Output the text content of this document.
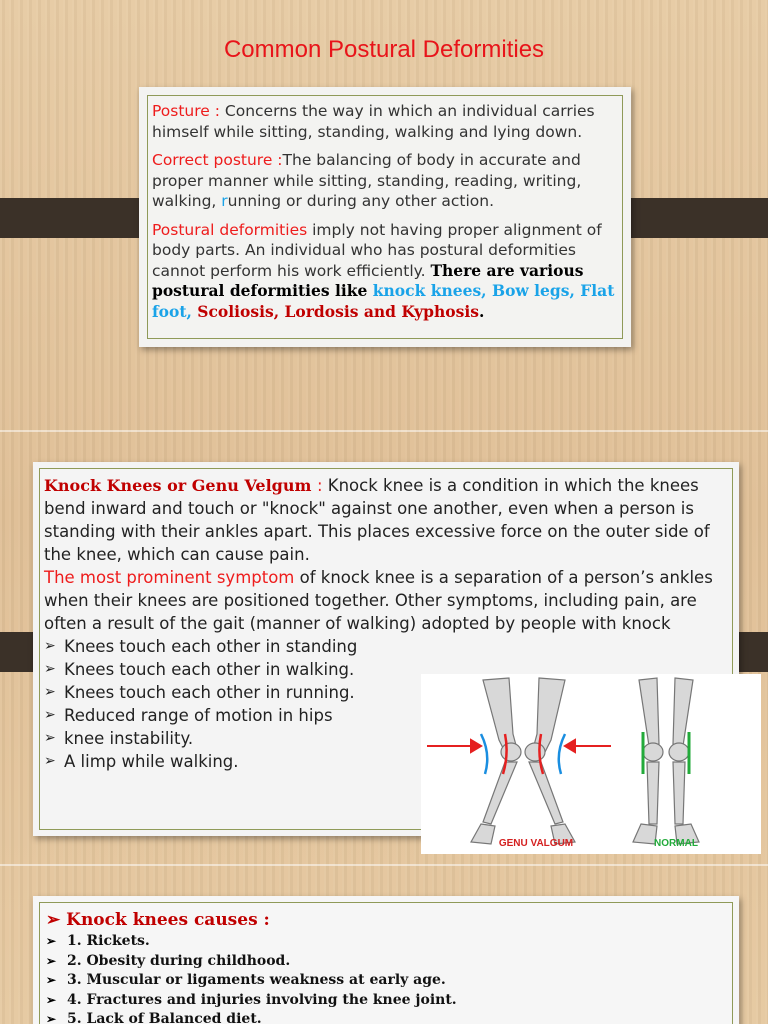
Common Postural Deformities

Posture : Concerns the way in which an individual carries himself while sitting, standing, walking and lying down.

Correct posture :The balancing of body in accurate and proper manner while sitting, standing, reading, writing, walking, running or during any other action.

Postural deformities imply not having proper alignment of body parts. An individual who has postural deformities cannot perform his work efficiently. There are various postural deformities like knock knees, Bow legs, Flat foot, Scoliosis, Lordosis and Kyphosis.

Knock Knees or Genu Velgum : Knock knee is a condition in which the knees bend inward and touch or "knock" against one another, even when a person is standing with their ankles apart. This places excessive force on the outer side of the knee, which can cause pain.
The most prominent symptom of knock knee is a separation of a person’s ankles when their knees are positioned together. Other symptoms, including pain, are often a result of the gait (manner of walking) adopted by people with knock
➢ Knees touch each other in standing
➢ Knees touch each other in walking.
➢ Knees touch each other in running.
➢ Reduced range of motion in hips
➢ knee instability.
➢ A limp while walking.
GENU VALGUM	NORMAL
➢ Knock knees causes :
➢ 1. Rickets.
➢ 2. Obesity during childhood.
➢ 3. Muscular or ligaments weakness at early age.
➢ 4. Fractures and injuries involving the knee joint.
➢ 5. Lack of Balanced diet.
